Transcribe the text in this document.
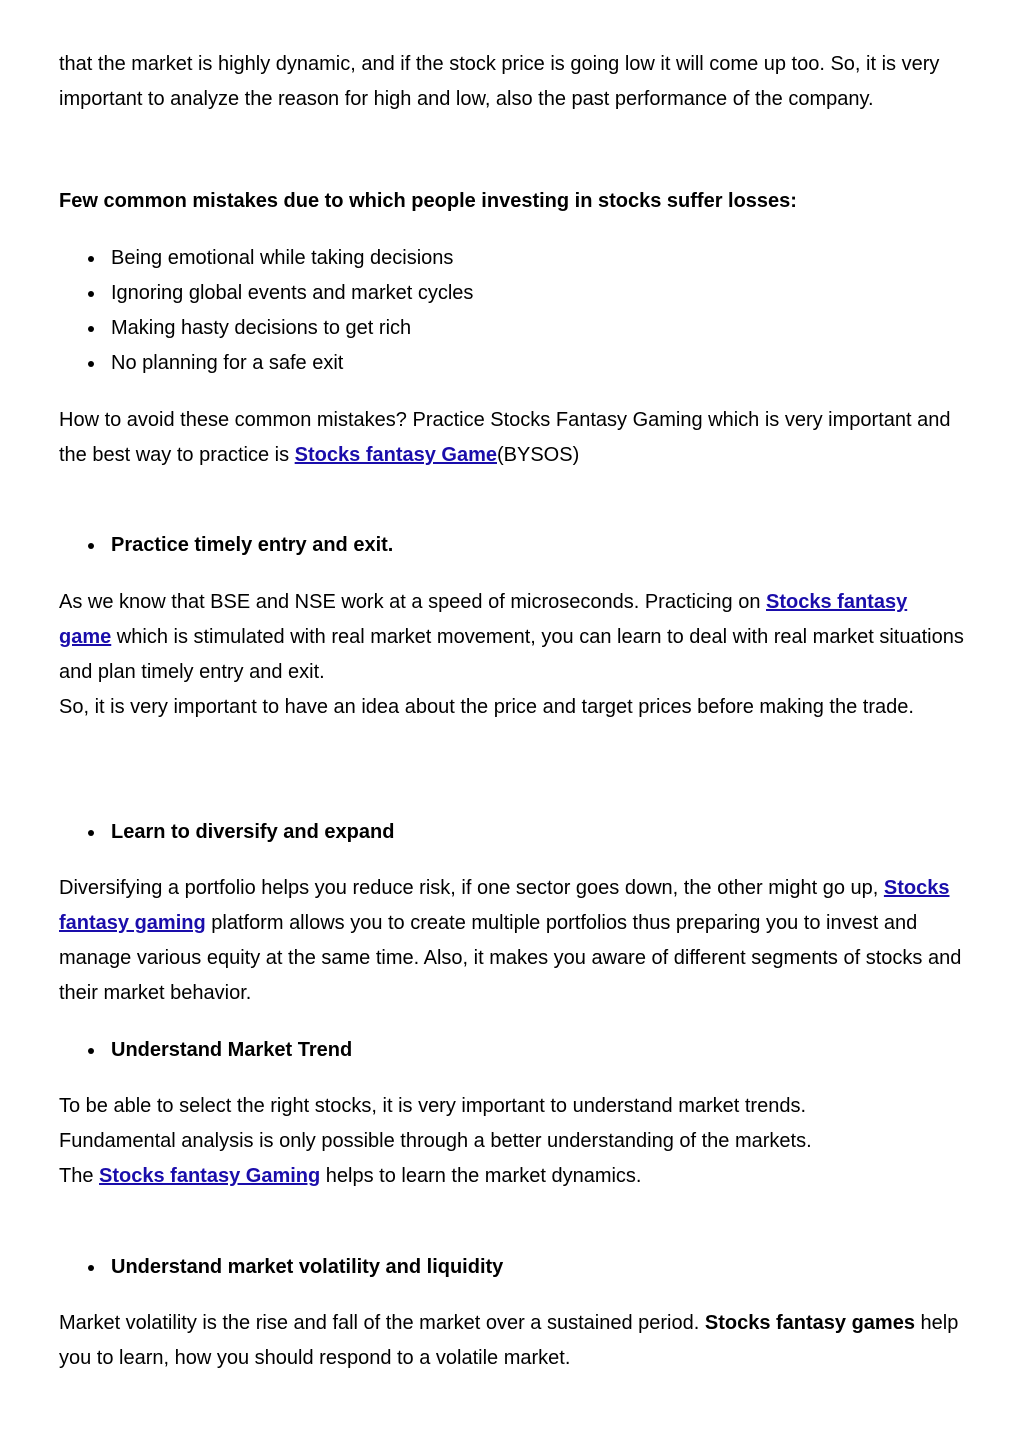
that the market is highly dynamic, and if the stock price is going low it will come up too. So, it is very important to analyze the reason for high and low, also the past performance of the company.

Few common mistakes due to which people investing in stocks suffer losses:

Being emotional while taking decisions
Ignoring global events and market cycles
Making hasty decisions to get rich
No planning for a safe exit

How to avoid these common mistakes? Practice Stocks Fantasy Gaming which is very important and the best way to practice is Stocks fantasy Game(BYSOS)

Practice timely entry and exit.

As we know that BSE and NSE work at a speed of microseconds. Practicing on Stocks fantasy game which is stimulated with real market movement, you can learn to deal with real market situations and plan timely entry and exit.

So, it is very important to have an idea about the price and target prices before making the trade.

Learn to diversify and expand

Diversifying a portfolio helps you reduce risk, if one sector goes down, the other might go up, Stocks fantasy gaming platform allows you to create multiple portfolios thus preparing you to invest and manage various equity at the same time. Also, it makes you aware of different segments of stocks and their market behavior.

Understand Market Trend

To be able to select the right stocks, it is very important to understand market trends.

Fundamental analysis is only possible through a better understanding of the markets.

The Stocks fantasy Gaming helps to learn the market dynamics.

Understand market volatility and liquidity

Market volatility is the rise and fall of the market over a sustained period. Stocks fantasy games help you to learn, how you should respond to a volatile market.
